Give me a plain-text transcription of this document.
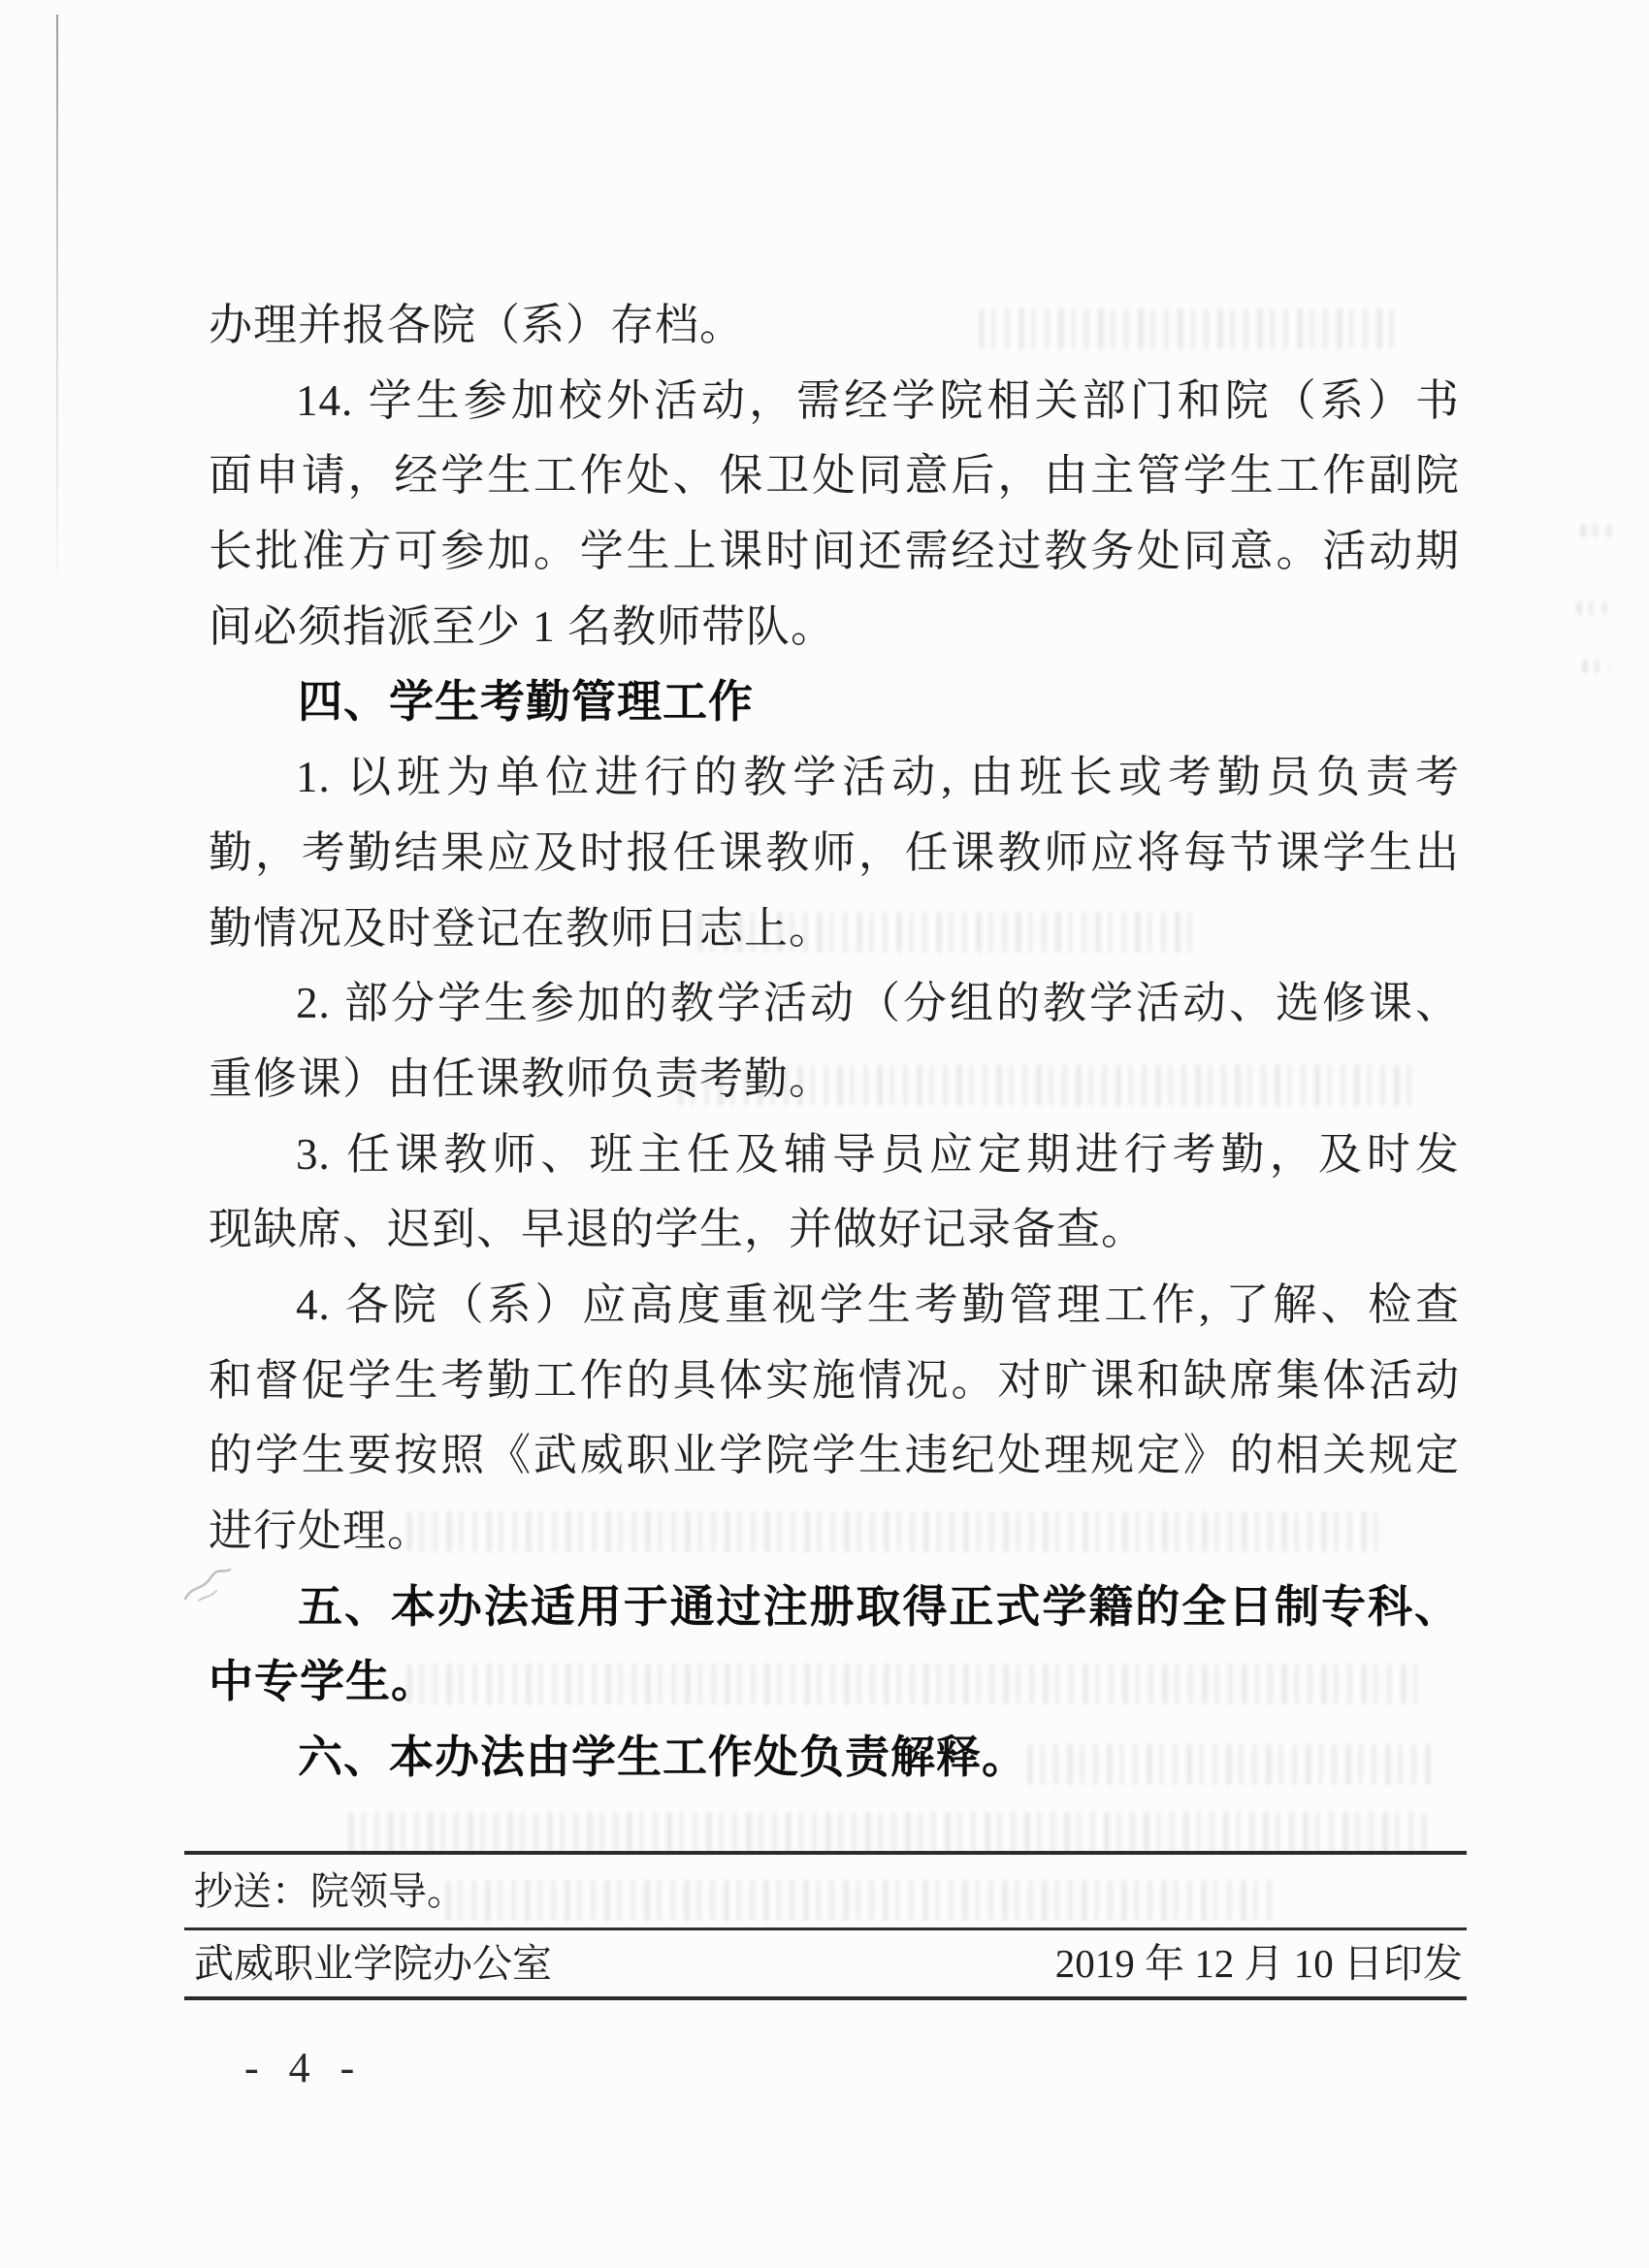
办理并报各院（系）存档。
14. 学生参加校外活动，需经学院相关部门和院（系）书
面申请，经学生工作处、保卫处同意后，由主管学生工作副院
长批准方可参加。学生上课时间还需经过教务处同意。活动期
间必须指派至少 1 名教师带队。
四、学生考勤管理工作
1. 以班为单位进行的教学活动, 由班长或考勤员负责考
勤，考勤结果应及时报任课教师，任课教师应将每节课学生出
勤情况及时登记在教师日志上。
2. 部分学生参加的教学活动（分组的教学活动、选修课、
重修课）由任课教师负责考勤。
3. 任课教师、班主任及辅导员应定期进行考勤，及时发
现缺席、迟到、早退的学生，并做好记录备查。
4. 各院（系）应高度重视学生考勤管理工作, 了解、检查
和督促学生考勤工作的具体实施情况。对旷课和缺席集体活动
的学生要按照《武威职业学院学生违纪处理规定》的相关规定
进行处理。
五、本办法适用于通过注册取得正式学籍的全日制专科、
中专学生。
六、本办法由学生工作处负责解释。
抄送：院领导。
武威职业学院办公室	2019 年 12 月 10 日印发
- 4 -
